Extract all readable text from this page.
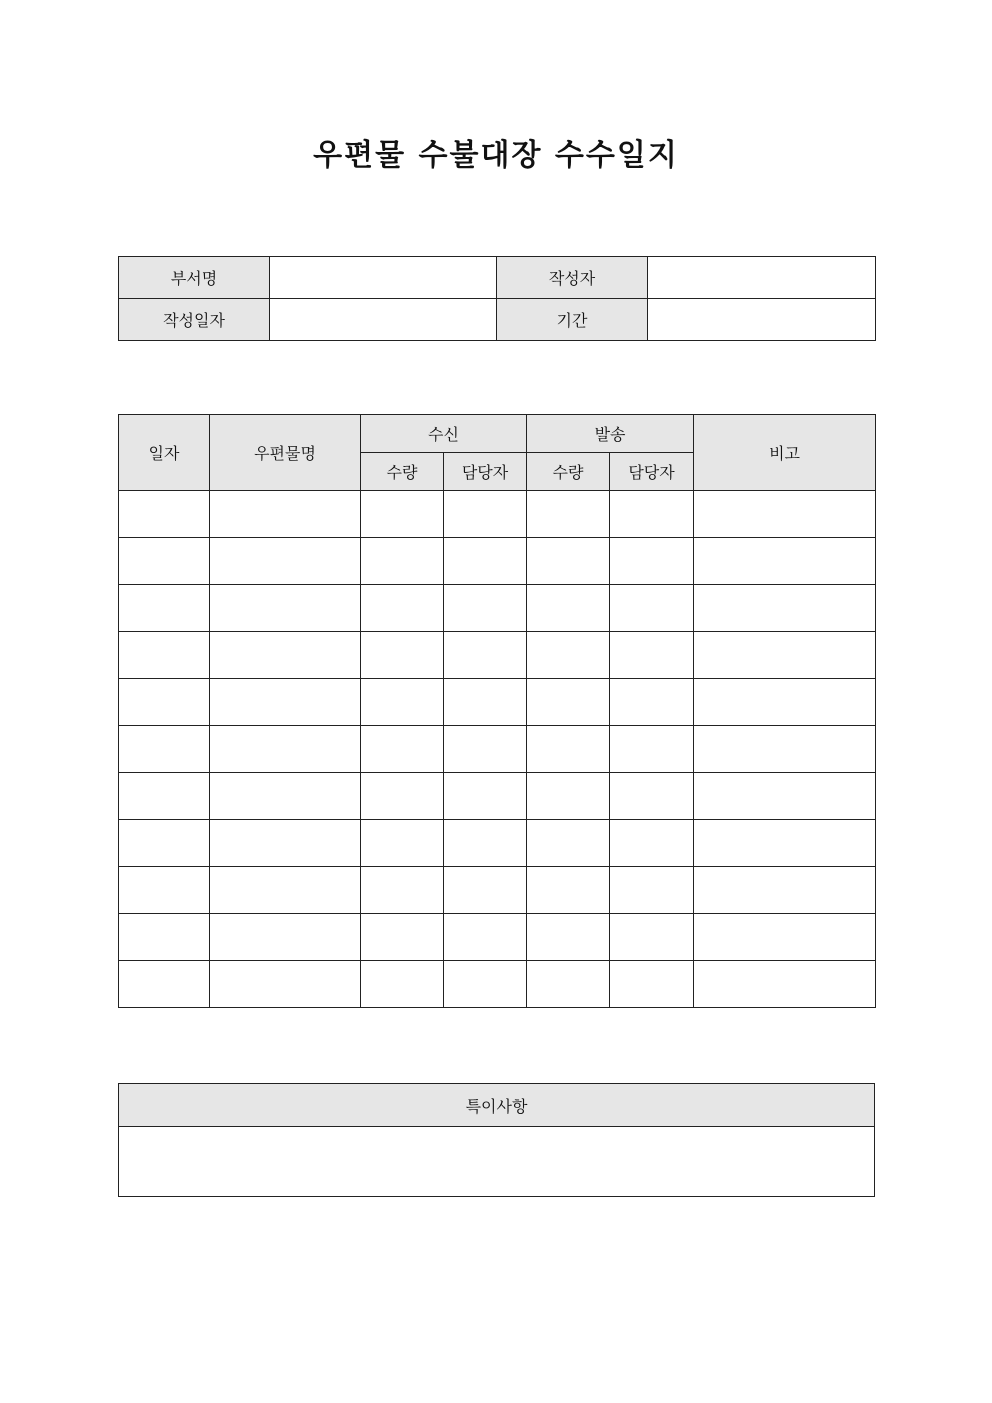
우편물 수불대장 수수일지
부서명		작성자	
작성일자		기간	
일자	우편물명	수신		발송		비고
		수량	담당자	수량	담당자	

특이사항
